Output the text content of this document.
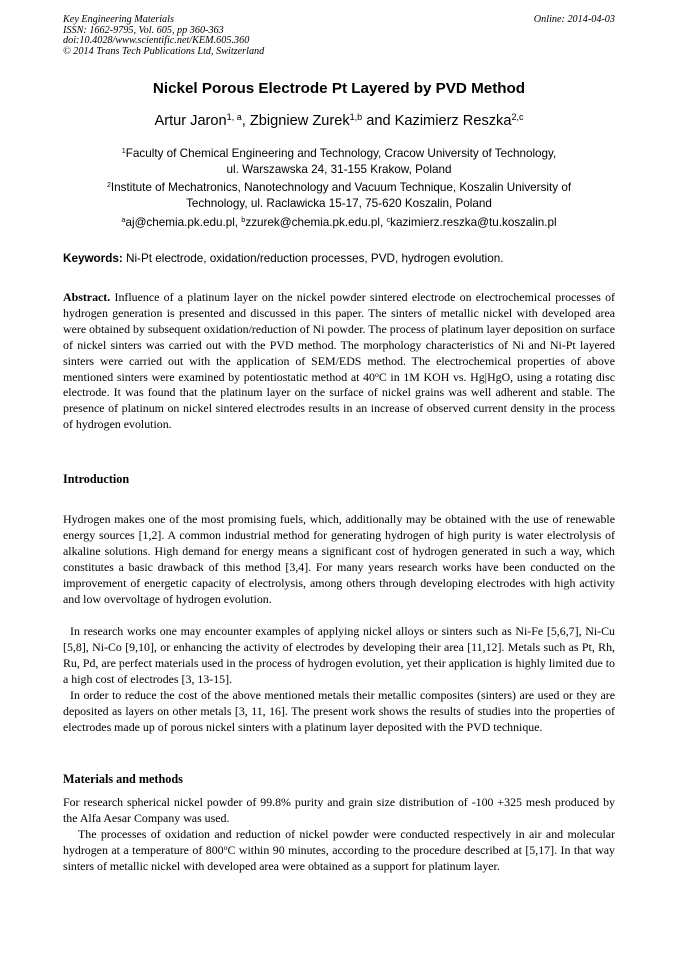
Key Engineering Materials
ISSN: 1662-9795, Vol. 605, pp 360-363
doi:10.4028/www.scientific.net/KEM.605.360
© 2014 Trans Tech Publications Ltd, Switzerland
Online: 2014-04-03
Nickel Porous Electrode Pt Layered by PVD Method
Artur Jaron$^{1, a}$, Zbigniew Zurek$^{1,b}$ and Kazimierz Reszka$^{2,c}$
$^1$Faculty of Chemical Engineering and Technology, Cracow University of Technology,
ul. Warszawska 24, 31-155 Krakow, Poland
$^2$Institute of Mechatronics, Nanotechnology and Vacuum Technique, Koszalin University of
Technology, ul. Raclawicka 15-17, 75-620 Koszalin, Poland
$^a$aj@chemia.pk.edu.pl, $^b$zzurek@chemia.pk.edu.pl, $^c$kazimierz.reszka@tu.koszalin.pl
Keywords: Ni-Pt electrode, oxidation/reduction processes, PVD, hydrogen evolution.
Abstract. Influence of a platinum layer on the nickel powder sintered electrode on electrochemical processes of hydrogen generation is presented and discussed in this paper. The sinters of metallic nickel with developed area were obtained by subsequent oxidation/reduction of Ni powder. The process of platinum layer deposition on surface of nickel sinters was carried out with the PVD method. The morphology characteristics of Ni and Ni-Pt layered sinters were carried out with the application of SEM/EDS method. The electrochemical properties of above mentioned sinters were examined by potentiostatic method at 40$^o$C in 1M KOH vs. Hg|HgO, using a rotating disc electrode. It was found that the platinum layer on the surface of nickel grains was well adherent and stable. The presence of platinum on nickel sintered electrodes results in an increase of observed current density in the process of hydrogen evolution.
Introduction
Hydrogen makes one of the most promising fuels, which, additionally may be obtained with the use of renewable energy sources [1,2]. A common industrial method for generating hydrogen of high purity is water electrolysis of alkaline solutions. High demand for energy means a significant cost of hydrogen generated in such a way, which constitutes a basic drawback of this method [3,4]. For many years research works have been conducted on the improvement of energetic capacity of electrolysis, among others through developing electrodes with high activity and low overvoltage of hydrogen evolution.
In research works one may encounter examples of applying nickel alloys or sinters such as Ni-Fe [5,6,7], Ni-Cu [5,8], Ni-Co [9,10], or enhancing the activity of electrodes by developing their area [11,12]. Metals such as Pt, Rh, Ru, Pd, are perfect materials used in the process of hydrogen evolution, yet their application is highly limited due to a high cost of electrodes [3, 13-15].
In order to reduce the cost of the above mentioned metals their metallic composites (sinters) are used or they are deposited as layers on other metals [3, 11, 16]. The present work shows the results of studies into the properties of electrodes made up of porous nickel sinters with a platinum layer deposited with the PVD technique.
Materials and methods
For research spherical nickel powder of 99.8% purity and grain size distribution of -100 +325 mesh produced by the Alfa Aesar Company was used.
The processes of oxidation and reduction of nickel powder were conducted respectively in air and molecular hydrogen at a temperature of 800$^o$C within 90 minutes, according to the procedure described at [5,17]. In that way sinters of metallic nickel with developed area were obtained as a support for platinum layer.
